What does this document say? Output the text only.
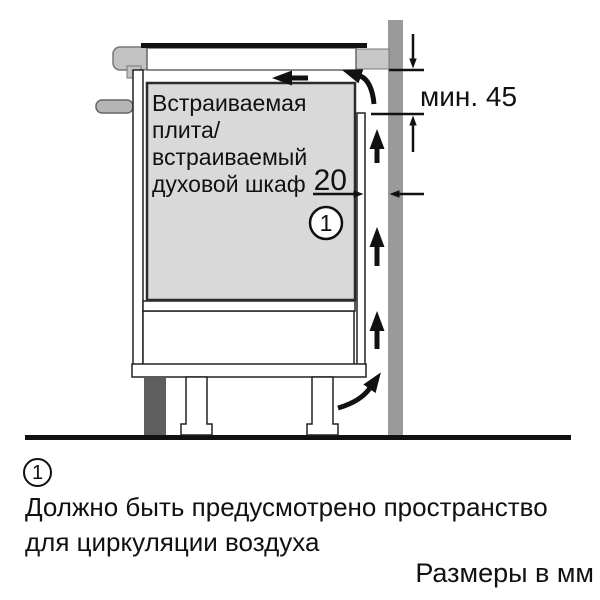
мин. 45
20
Встраиваемая
плита/
встраиваемый
духовой шкаф
1
1
Должно быть предусмотрено пространство
для циркуляции воздуха
Размеры в мм
